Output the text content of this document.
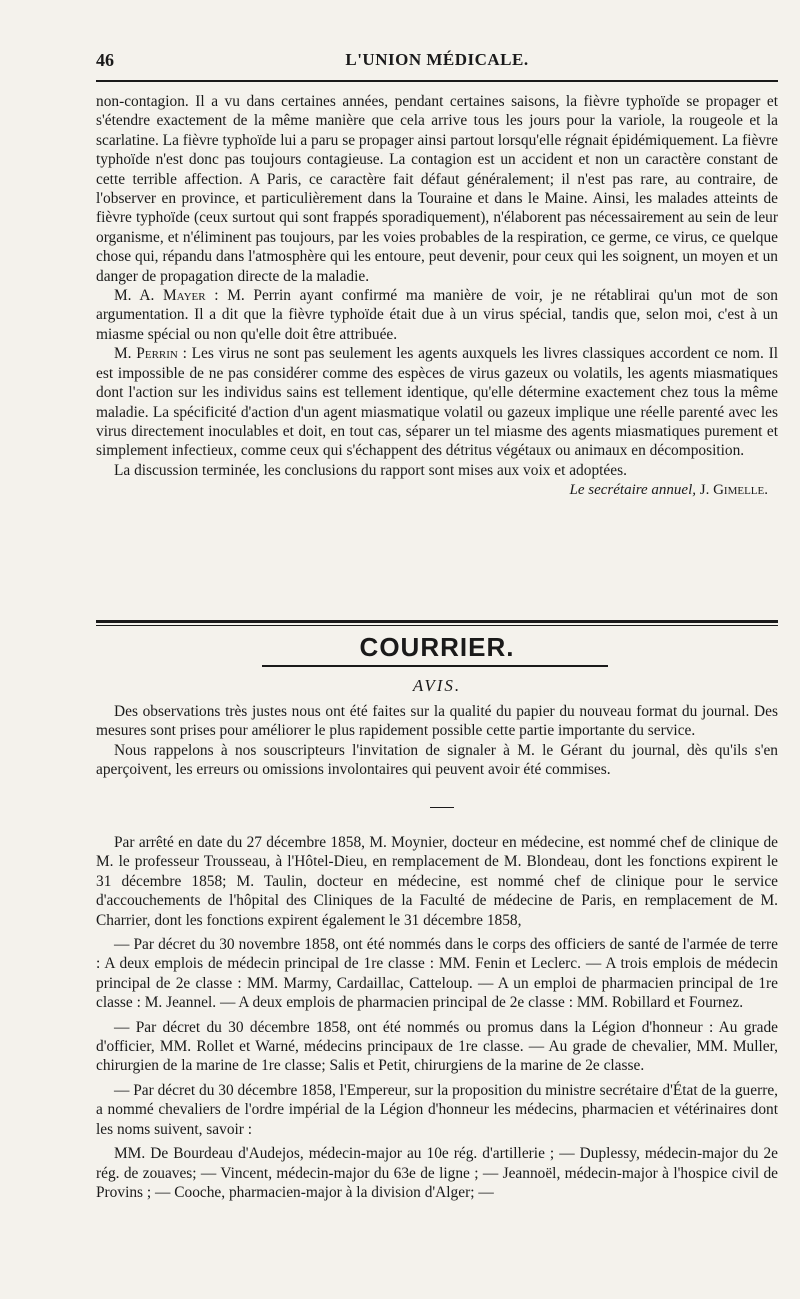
46	L'UNION MÉDICALE.

non-contagion. Il a vu dans certaines années, pendant certaines saisons, la fièvre typhoïde se propager et s'étendre exactement de la même manière que cela arrive tous les jours pour la variole, la rougeole et la scarlatine. La fièvre typhoïde lui a paru se propager ainsi partout lorsqu'elle régnait épidémiquement. La fièvre typhoïde n'est donc pas toujours contagieuse. La contagion est un accident et non un caractère constant de cette terrible affection. A Paris, ce caractère fait défaut généralement; il n'est pas rare, au contraire, de l'observer en province, et particulièrement dans la Touraine et dans le Maine. Ainsi, les malades atteints de fièvre typhoïde (ceux surtout qui sont frappés sporadiquement), n'élaborent pas nécessairement au sein de leur organisme, et n'éliminent pas toujours, par les voies probables de la respiration, ce germe, ce virus, ce quelque chose qui, répandu dans l'atmosphère qui les entoure, peut devenir, pour ceux qui les soignent, un moyen et un danger de propagation directe de la maladie.

M. A. Mayer : M. Perrin ayant confirmé ma manière de voir, je ne rétablirai qu'un mot de son argumentation. Il a dit que la fièvre typhoïde était due à un virus spécial, tandis que, selon moi, c'est à un miasme spécial ou non qu'elle doit être attribuée.

M. Perrin : Les virus ne sont pas seulement les agents auxquels les livres classiques accordent ce nom. Il est impossible de ne pas considérer comme des espèces de virus gazeux ou volatils, les agents miasmatiques dont l'action sur les individus sains est tellement identique, qu'elle détermine exactement chez tous la même maladie. La spécificité d'action d'un agent miasmatique volatil ou gazeux implique une réelle parenté avec les virus directement inoculables et doit, en tout cas, séparer un tel miasme des agents miasmatiques purement et simplement infectieux, comme ceux qui s'échappent des détritus végétaux ou animaux en décomposition.

La discussion terminée, les conclusions du rapport sont mises aux voix et adoptées.

Le secrétaire annuel, J. Gimelle.
COURRIER.
AVIS.

Des observations très justes nous ont été faites sur la qualité du papier du nouveau format du journal. Des mesures sont prises pour améliorer le plus rapidement possible cette partie importante du service.

Nous rappelons à nos souscripteurs l'invitation de signaler à M. le Gérant du journal, dès qu'ils s'en aperçoivent, les erreurs ou omissions involontaires qui peuvent avoir été commises.

Par arrêté en date du 27 décembre 1858, M. Moynier, docteur en médecine, est nommé chef de clinique de M. le professeur Trousseau, à l'Hôtel-Dieu, en remplacement de M. Blondeau, dont les fonctions expirent le 31 décembre 1858; M. Taulin, docteur en médecine, est nommé chef de clinique pour le service d'accouchements de l'hôpital des Cliniques de la Faculté de médecine de Paris, en remplacement de M. Charrier, dont les fonctions expirent également le 31 décembre 1858,

— Par décret du 30 novembre 1858, ont été nommés dans le corps des officiers de santé de l'armée de terre : A deux emplois de médecin principal de 1re classe : MM. Fenin et Leclerc. — A trois emplois de médecin principal de 2e classe : MM. Marmy, Cardaillac, Catteloup. — A un emploi de pharmacien principal de 1re classe : M. Jeannel. — A deux emplois de pharmacien principal de 2e classe : MM. Robillard et Fournez.

— Par décret du 30 décembre 1858, ont été nommés ou promus dans la Légion d'honneur : Au grade d'officier, MM. Rollet et Warné, médecins principaux de 1re classe. — Au grade de chevalier, MM. Muller, chirurgien de la marine de 1re classe; Salis et Petit, chirurgiens de la marine de 2e classe.

— Par décret du 30 décembre 1858, l'Empereur, sur la proposition du ministre secrétaire d'État de la guerre, a nommé chevaliers de l'ordre impérial de la Légion d'honneur les médecins, pharmacien et vétérinaires dont les noms suivent, savoir :

MM. De Bourdeau d'Audejos, médecin-major au 10e rég. d'artillerie ; — Duplessy, médecin-major du 2e rég. de zouaves; — Vincent, médecin-major du 63e de ligne ; — Jeannoël, médecin-major à l'hospice civil de Provins ; — Cooche, pharmacien-major à la division d'Alger; —
